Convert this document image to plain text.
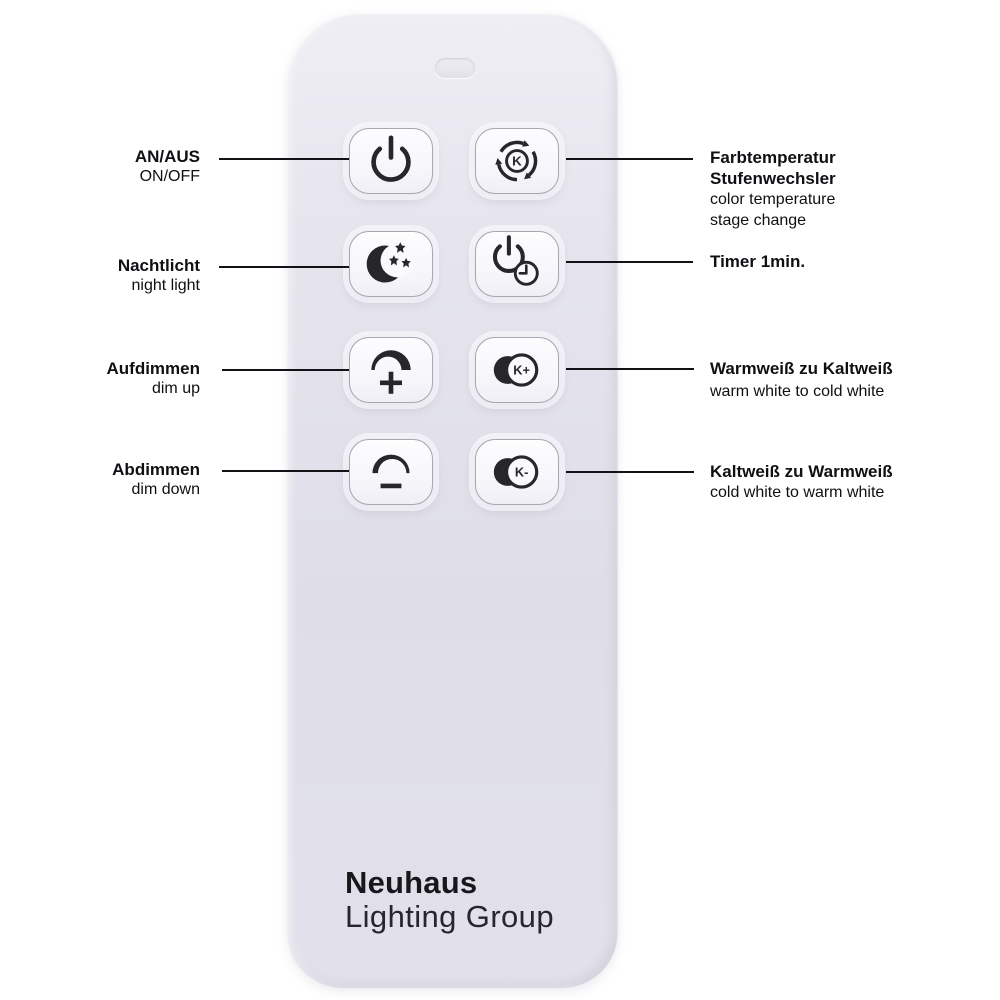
K
K+
K-
Neuhaus
Lighting Group
AN/AUS
ON/OFF
Nachtlicht
night light
Aufdimmen
dim up
Abdimmen
dim down
Farbtemperatur
Stufenwechsler
color temperature
stage change
Timer 1min.
Warmweiß zu Kaltweiß
warm white to cold white
Kaltweiß zu Warmweiß
cold white to warm white
